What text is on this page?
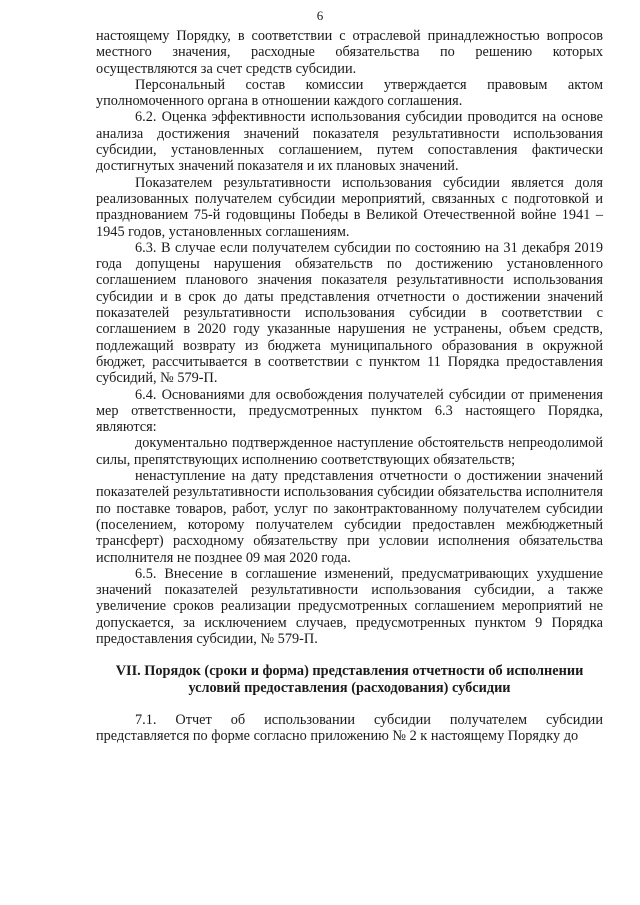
6

настоящему Порядку, в соответствии с отраслевой принадлежностью вопросов местного значения, расходные обязательства по решению которых осуществляются за счет средств субсидии.

Персональный состав комиссии утверждается правовым актом уполномоченного органа в отношении каждого соглашения.

6.2. Оценка эффективности использования субсидии проводится на основе анализа достижения значений показателя результативности использования субсидии, установленных соглашением, путем сопоставления фактически достигнутых значений показателя и их плановых значений.

Показателем результативности использования субсидии является доля реализованных получателем субсидии мероприятий, связанных с подготовкой и празднованием 75-й годовщины Победы в Великой Отечественной войне 1941 – 1945 годов, установленных соглашениям.

6.3. В случае если получателем субсидии по состоянию на 31 декабря 2019 года допущены нарушения обязательств по достижению установленного соглашением планового значения показателя результативности использования субсидии и в срок до даты представления отчетности о достижении значений показателей результативности использования субсидии в соответствии с соглашением в 2020 году указанные нарушения не устранены, объем средств, подлежащий возврату из бюджета муниципального образования в окружной бюджет, рассчитывается в соответствии с пунктом 11 Порядка предоставления субсидий, № 579-П.

6.4. Основаниями для освобождения получателей субсидии от применения мер ответственности, предусмотренных пунктом 6.3 настоящего Порядка, являются:

документально подтвержденное наступление обстоятельств непреодолимой силы, препятствующих исполнению соответствующих обязательств;

ненаступление на дату представления отчетности о достижении значений показателей результативности использования субсидии обязательства исполнителя по поставке товаров, работ, услуг по законтрактованному получателем субсидии (поселением, которому получателем субсидии предоставлен межбюджетный трансферт) расходному обязательству при условии исполнения обязательства исполнителя не позднее 09 мая 2020 года.

6.5. Внесение в соглашение изменений, предусматривающих ухудшение значений показателей результативности использования субсидии, а также увеличение сроков реализации предусмотренных соглашением мероприятий не допускается, за исключением случаев, предусмотренных пунктом 9 Порядка предоставления субсидии, № 579-П.

VII. Порядок (сроки и форма) представления отчетности об исполнении условий предоставления (расходования) субсидии

7.1. Отчет об использовании субсидии получателем субсидии представляется по форме согласно приложению № 2 к настоящему Порядку до
